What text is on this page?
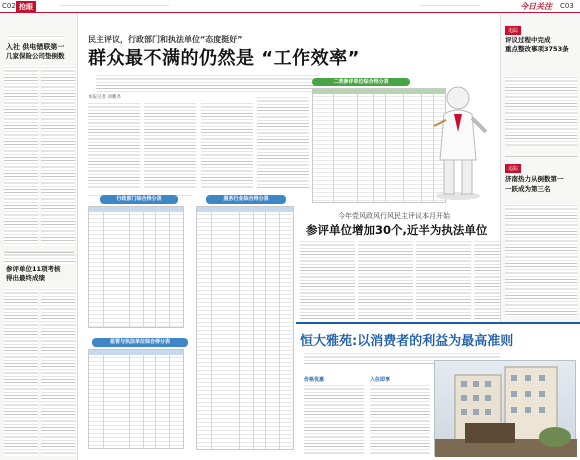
C02 抢眼	今日关注 C03
入社 供电错联第一
几家保险公司垫倒数
参评单位11项考核
得出最终成绩
民主评议，行政部门和执法单位“态度挺好”
群众最不满的仍然是 “工作效率”
本报记者 刘鹏尧
二类参评单位综合得分表
行政部门综合得分表	服务行业综合得分表
监管与执法单位综合得分表
今年党风政风行风民主评议本月开始
参评单位增加30个,近半为执法单位
恒大雅苑:以消费者的利益为最高准则
价格优惠	入住即享
追踪
评议过程中完成
重点整改事项3753条
追踪
济南热力从倒数第一
一跃成为第三名
